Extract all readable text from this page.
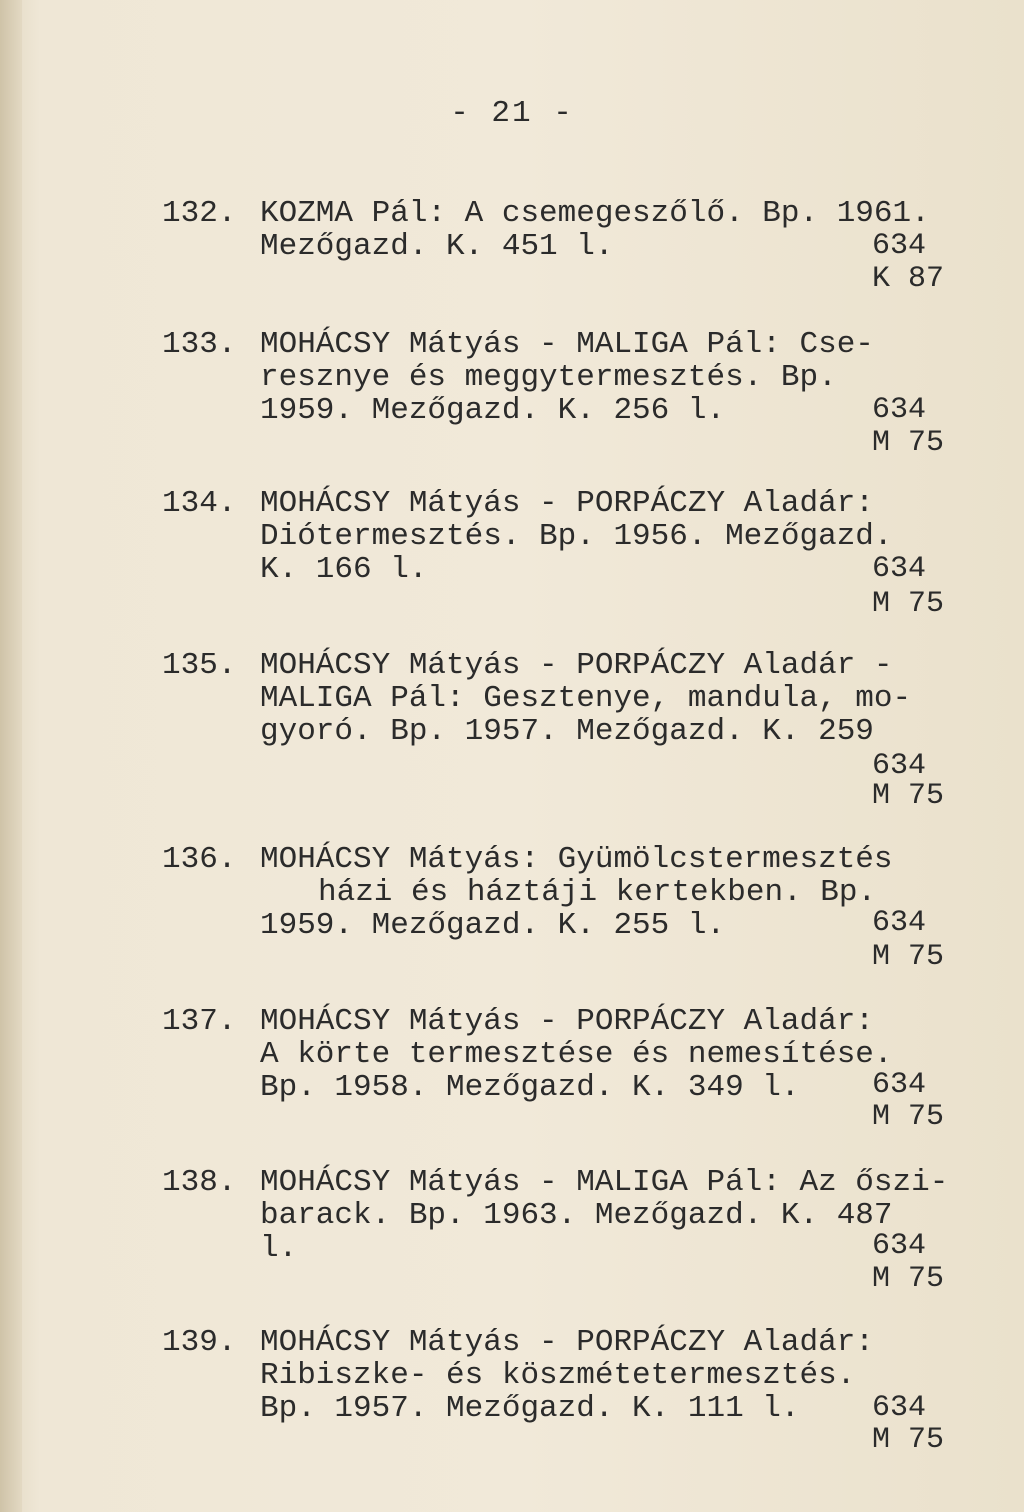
- 21 -
132. KOZMA Pál: A csemegeszőlő. Bp. 1961.
Mezőgazd. K. 451 l.	634
K 87
133. MOHÁCSY Mátyás - MALIGA Pál: Cse-
resznye és meggytermesztés. Bp.
1959. Mezőgazd. K. 256 l.	634
M 75
134. MOHÁCSY Mátyás - PORPÁCZY Aladár:
Diótermesztés. Bp. 1956. Mezőgazd.
K. 166 l.	634
M 75
135. MOHÁCSY Mátyás - PORPÁCZY Aladár -
MALIGA Pál: Gesztenye, mandula, mo-
gyoró. Bp. 1957. Mezőgazd. K. 259
634
M 75
136. MOHÁCSY Mátyás: Gyümölcstermesztés
házi és háztáji kertekben. Bp.
1959. Mezőgazd. K. 255 l.	634
M 75
137. MOHÁCSY Mátyás - PORPÁCZY Aladár:
A körte termesztése és nemesítése.
Bp. 1958. Mezőgazd. K. 349 l.	634
M 75
138. MOHÁCSY Mátyás - MALIGA Pál: Az őszi-
barack. Bp. 1963. Mezőgazd. K. 487
l.	634
M 75
139. MOHÁCSY Mátyás - PORPÁCZY Aladár:
Ribiszke- és köszmétetermesztés.
Bp. 1957. Mezőgazd. K. 111 l.	634
M 75
